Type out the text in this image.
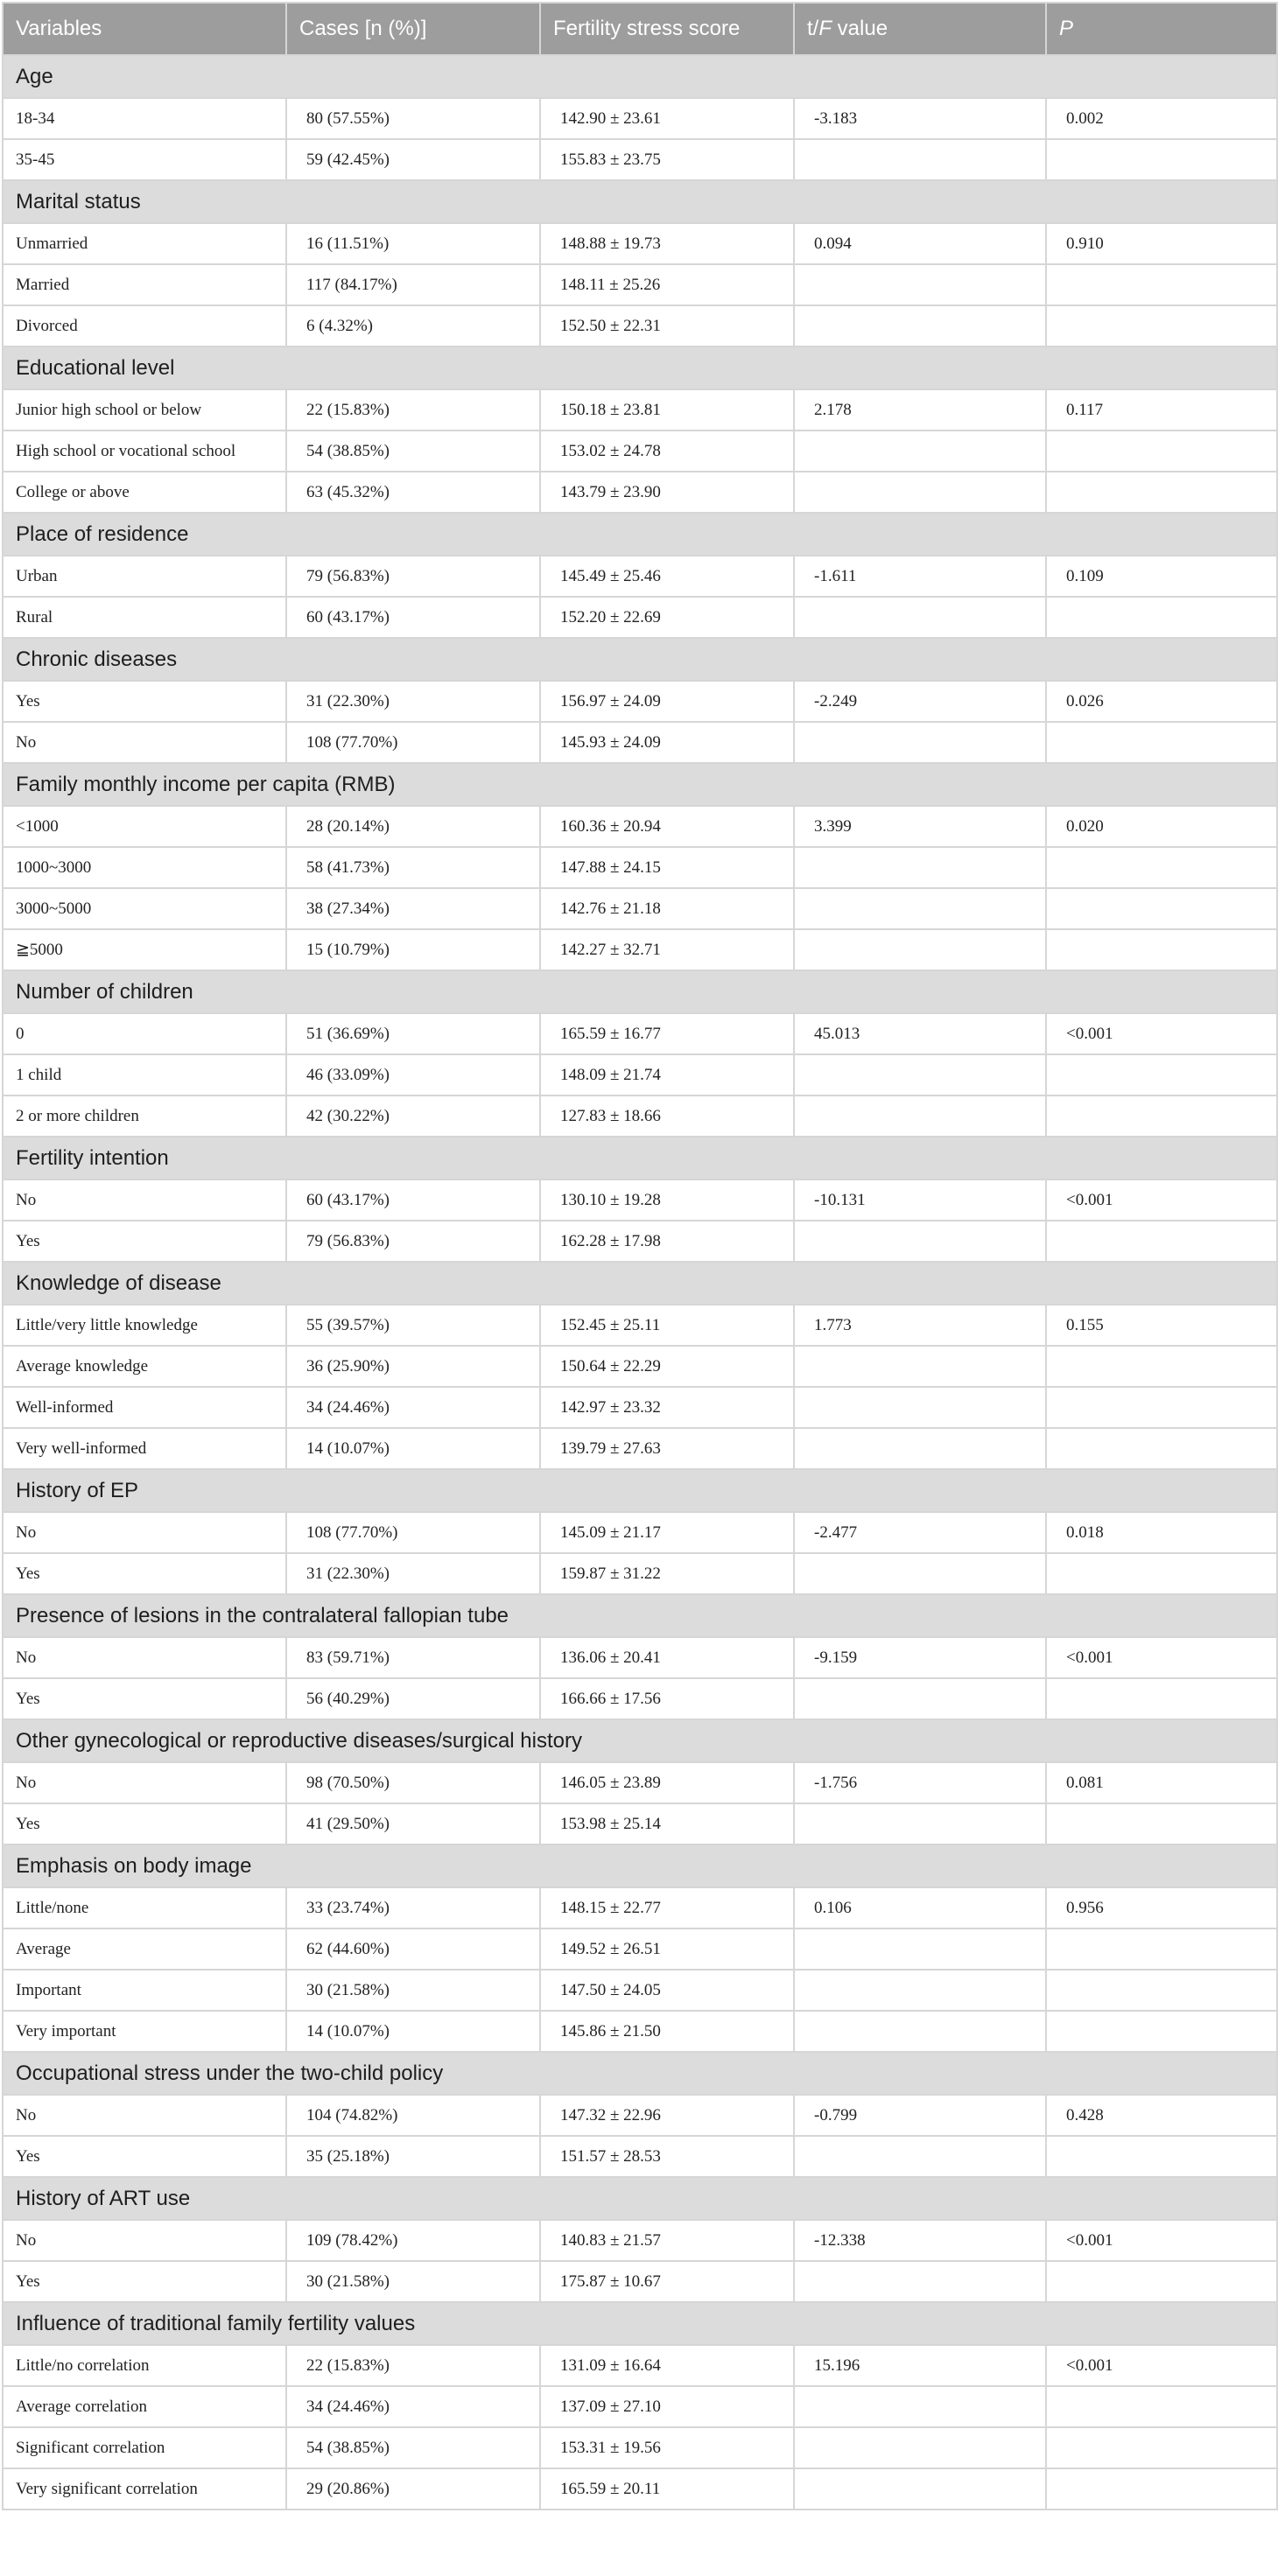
Variables	Cases [n (%)]	Fertility stress score	t/F value	P
Age				
18-34	80 (57.55%)	142.90 ± 23.61	-3.183	0.002
35-45	59 (42.45%)	155.83 ± 23.75		
Marital status				
Unmarried	16 (11.51%)	148.88 ± 19.73	0.094	0.910
Married	117 (84.17%)	148.11 ± 25.26		
Divorced	6 (4.32%)	152.50 ± 22.31		
Educational level				
Junior high school or below	22 (15.83%)	150.18 ± 23.81	2.178	0.117
High school or vocational school	54 (38.85%)	153.02 ± 24.78		
College or above	63 (45.32%)	143.79 ± 23.90		
Place of residence				
Urban	79 (56.83%)	145.49 ± 25.46	-1.611	0.109
Rural	60 (43.17%)	152.20 ± 22.69		
Chronic diseases				
Yes	31 (22.30%)	156.97 ± 24.09	-2.249	0.026
No	108 (77.70%)	145.93 ± 24.09		
Family monthly income per capita (RMB)				
<1000	28 (20.14%)	160.36 ± 20.94	3.399	0.020
1000~3000	58 (41.73%)	147.88 ± 24.15		
3000~5000	38 (27.34%)	142.76 ± 21.18		
≧5000	15 (10.79%)	142.27 ± 32.71		
Number of children				
0	51 (36.69%)	165.59 ± 16.77	45.013	<0.001
1 child	46 (33.09%)	148.09 ± 21.74		
2 or more children	42 (30.22%)	127.83 ± 18.66		
Fertility intention				
No	60 (43.17%)	130.10 ± 19.28	-10.131	<0.001
Yes	79 (56.83%)	162.28 ± 17.98		
Knowledge of disease				
Little/very little knowledge	55 (39.57%)	152.45 ± 25.11	1.773	0.155
Average knowledge	36 (25.90%)	150.64 ± 22.29		
Well-informed	34 (24.46%)	142.97 ± 23.32		
Very well-informed	14 (10.07%)	139.79 ± 27.63		
History of EP				
No	108 (77.70%)	145.09 ± 21.17	-2.477	0.018
Yes	31 (22.30%)	159.87 ± 31.22		
Presence of lesions in the contralateral fallopian tube				
No	83 (59.71%)	136.06 ± 20.41	-9.159	<0.001
Yes	56 (40.29%)	166.66 ± 17.56		
Other gynecological or reproductive diseases/surgical history				
No	98 (70.50%)	146.05 ± 23.89	-1.756	0.081
Yes	41 (29.50%)	153.98 ± 25.14		
Emphasis on body image				
Little/none	33 (23.74%)	148.15 ± 22.77	0.106	0.956
Average	62 (44.60%)	149.52 ± 26.51		
Important	30 (21.58%)	147.50 ± 24.05		
Very important	14 (10.07%)	145.86 ± 21.50		
Occupational stress under the two-child policy				
No	104 (74.82%)	147.32 ± 22.96	-0.799	0.428
Yes	35 (25.18%)	151.57 ± 28.53		
History of ART use				
No	109 (78.42%)	140.83 ± 21.57	-12.338	<0.001
Yes	30 (21.58%)	175.87 ± 10.67		
Influence of traditional family fertility values				
Little/no correlation	22 (15.83%)	131.09 ± 16.64	15.196	<0.001
Average correlation	34 (24.46%)	137.09 ± 27.10		
Significant correlation	54 (38.85%)	153.31 ± 19.56		
Very significant correlation	29 (20.86%)	165.59 ± 20.11		
